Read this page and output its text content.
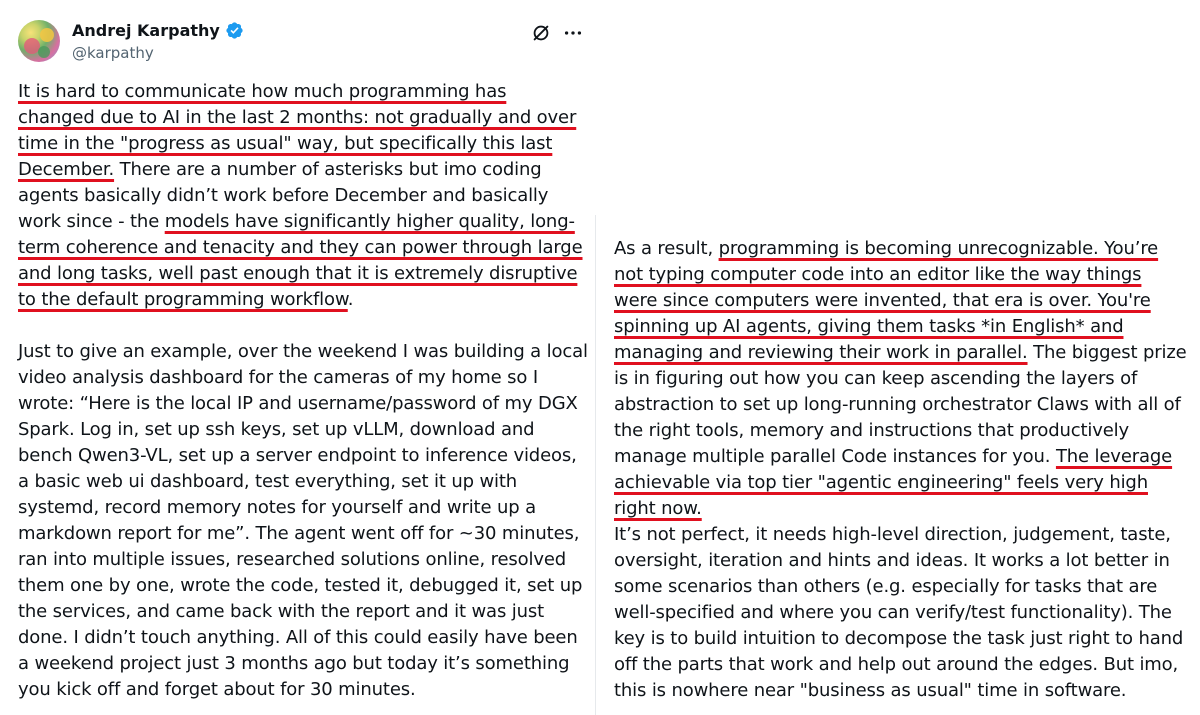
Andrej Karpathy
@karpathy

It is hard to communicate how much programming has changed due to AI in the last 2 months: not gradually and over time in the "progress as usual" way, but specifically this last December. There are a number of asterisks but imo coding agents basically didn’t work before December and basically work since - the models have significantly higher quality, long-term coherence and tenacity and they can power through large and long tasks, well past enough that it is extremely disruptive to the default programming workflow.

Just to give an example, over the weekend I was building a local video analysis dashboard for the cameras of my home so I wrote: “Here is the local IP and username/password of my DGX Spark. Log in, set up ssh keys, set up vLLM, download and bench Qwen3-VL, set up a server endpoint to inference videos, a basic web ui dashboard, test everything, set it up with systemd, record memory notes for yourself and write up a markdown report for me”. The agent went off for ~30 minutes, ran into multiple issues, researched solutions online, resolved them one by one, wrote the code, tested it, debugged it, set up the services, and came back with the report and it was just done. I didn’t touch anything. All of this could easily have been a weekend project just 3 months ago but today it’s something you kick off and forget about for 30 minutes.

As a result, programming is becoming unrecognizable. You’re not typing computer code into an editor like the way things were since computers were invented, that era is over. You're spinning up AI agents, giving them tasks *in English* and managing and reviewing their work in parallel. The biggest prize is in figuring out how you can keep ascending the layers of abstraction to set up long-running orchestrator Claws with all of the right tools, memory and instructions that productively manage multiple parallel Code instances for you. The leverage achievable via top tier "agentic engineering" feels very high right now.

It’s not perfect, it needs high-level direction, judgement, taste, oversight, iteration and hints and ideas. It works a lot better in some scenarios than others (e.g. especially for tasks that are well-specified and where you can verify/test functionality). The key is to build intuition to decompose the task just right to hand off the parts that work and help out around the edges. But imo, this is nowhere near "business as usual" time in software.
